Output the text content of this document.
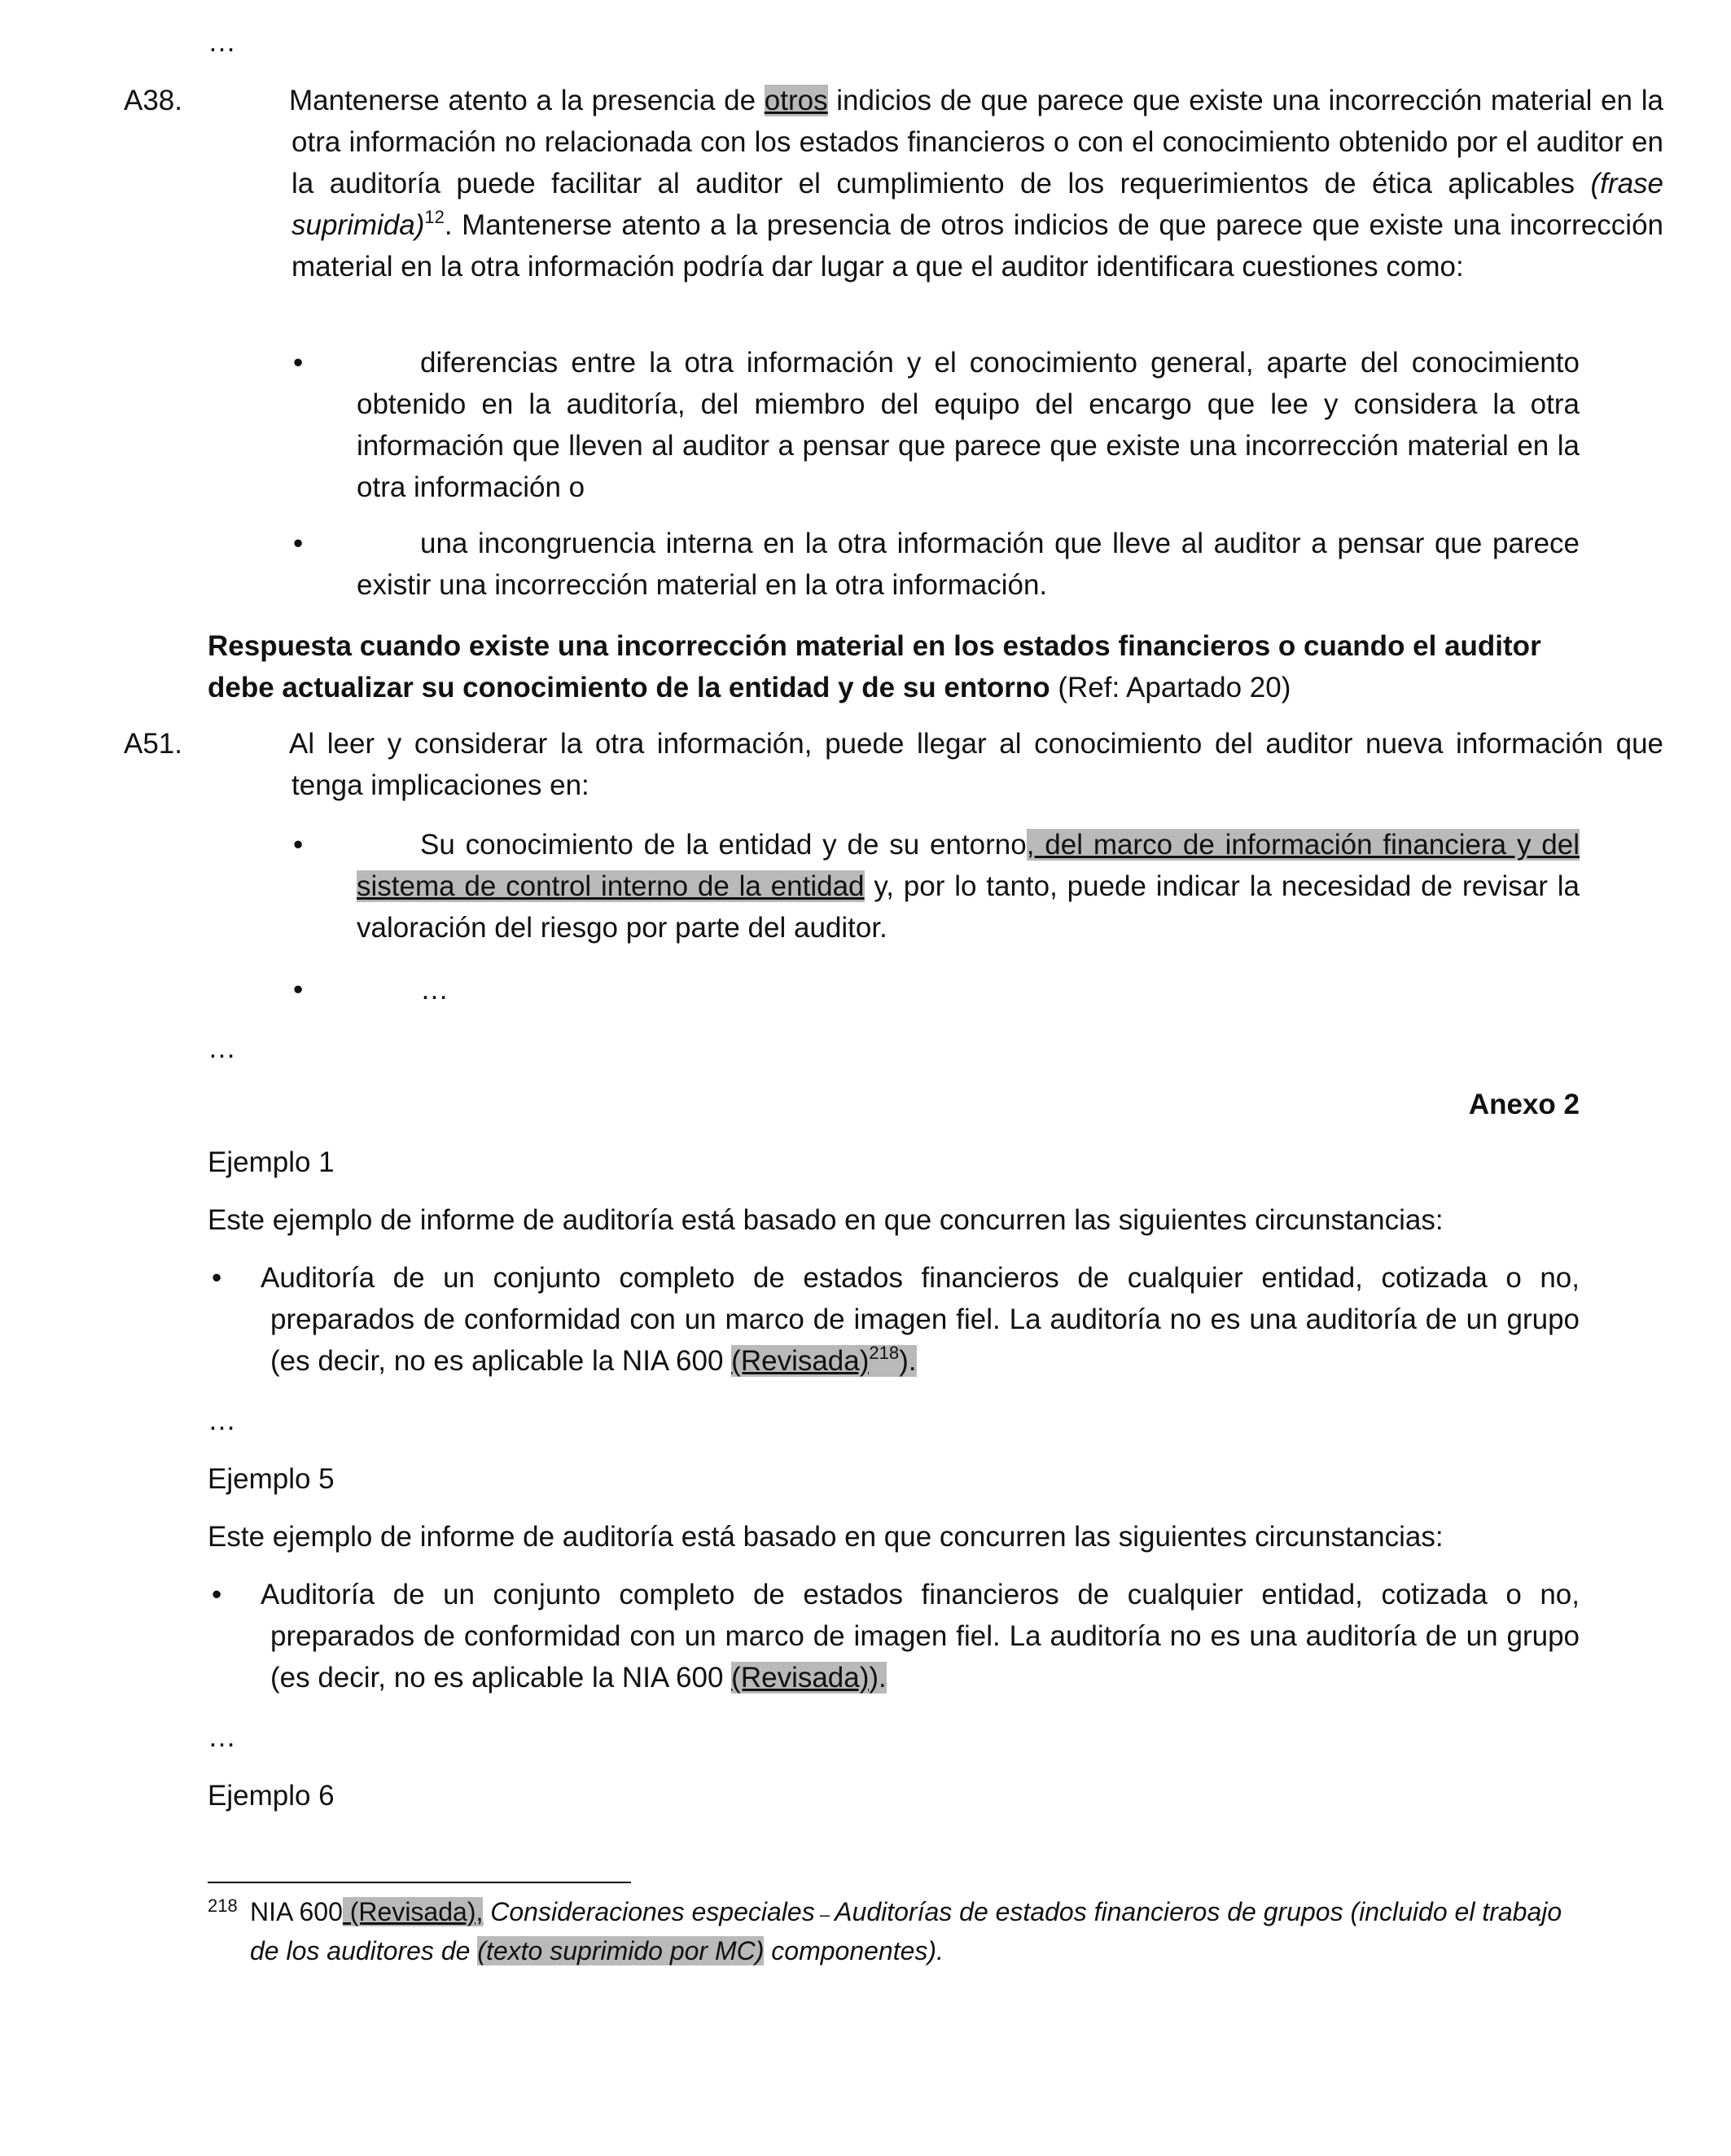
…
A38.	Mantenerse atento a la presencia de otros indicios de que parece que existe una incorrección material en la otra información no relacionada con los estados financieros o con el conocimiento obtenido por el auditor en la auditoría puede facilitar al auditor el cumplimiento de los requerimientos de ética aplicables (frase suprimida)$^{12}$. Mantenerse atento a la presencia de otros indicios de que parece que existe una incorrección material en la otra información podría dar lugar a que el auditor identificara cuestiones como:
•	diferencias entre la otra información y el conocimiento general, aparte del conocimiento obtenido en la auditoría, del miembro del equipo del encargo que lee y considera la otra información que lleven al auditor a pensar que parece que existe una incorrección material en la otra información o
•	una incongruencia interna en la otra información que lleve al auditor a pensar que parece existir una incorrección material en la otra información.
Respuesta cuando existe una incorrección material en los estados financieros o cuando el auditor debe actualizar su conocimiento de la entidad y de su entorno (Ref: Apartado 20)
A51.	Al leer y considerar la otra información, puede llegar al conocimiento del auditor nueva información que tenga implicaciones en:
•	Su conocimiento de la entidad y de su entorno, del marco de información financiera y del sistema de control interno de la entidad y, por lo tanto, puede indicar la necesidad de revisar la valoración del riesgo por parte del auditor.
•	…
…
Anexo 2
Ejemplo 1
Este ejemplo de informe de auditoría está basado en que concurren las siguientes circunstancias:
• Auditoría de un conjunto completo de estados financieros de cualquier entidad, cotizada o no, preparados de conformidad con un marco de imagen fiel. La auditoría no es una auditoría de un grupo (es decir, no es aplicable la NIA 600 (Revisada)$^{218}$).
…
Ejemplo 5
Este ejemplo de informe de auditoría está basado en que concurren las siguientes circunstancias:
• Auditoría de un conjunto completo de estados financieros de cualquier entidad, cotizada o no, preparados de conformidad con un marco de imagen fiel. La auditoría no es una auditoría de un grupo (es decir, no es aplicable la NIA 600 (Revisada)).
…
Ejemplo 6
218 NIA 600 (Revisada), Consideraciones especiales – Auditorías de estados financieros de grupos (incluido el trabajo de los auditores de (texto suprimido por MC) componentes).
